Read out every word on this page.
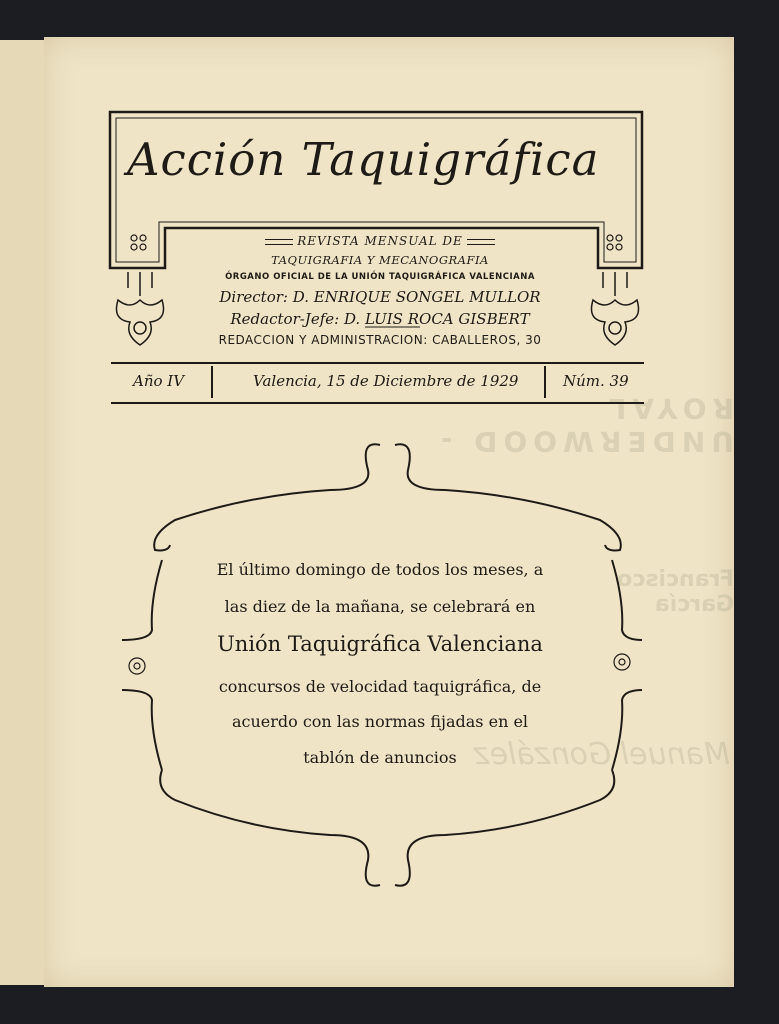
UNDERWOOD - ROYAL
Francisco García
Manuel González
Acción Taquigráfica
REVISTA MENSUAL DE
TAQUIGRAFIA Y MECANOGRAFIA
ÓRGANO OFICIAL DE LA UNIÓN TAQUIGRÁFICA VALENCIANA
Director: D. ENRIQUE SONGEL MULLOR
Redactor-Jefe: D. LUIS ROCA GISBERT
REDACCION Y ADMINISTRACION: CABALLEROS, 30
Año IV	Valencia, 15 de Diciembre de 1929	Núm. 39
El último domingo de todos los meses, a
las diez de la mañana, se celebrará en
Unión Taquigráfica Valenciana
concursos de velocidad taquigráfica, de
acuerdo con las normas fijadas en el
tablón de anuncios
